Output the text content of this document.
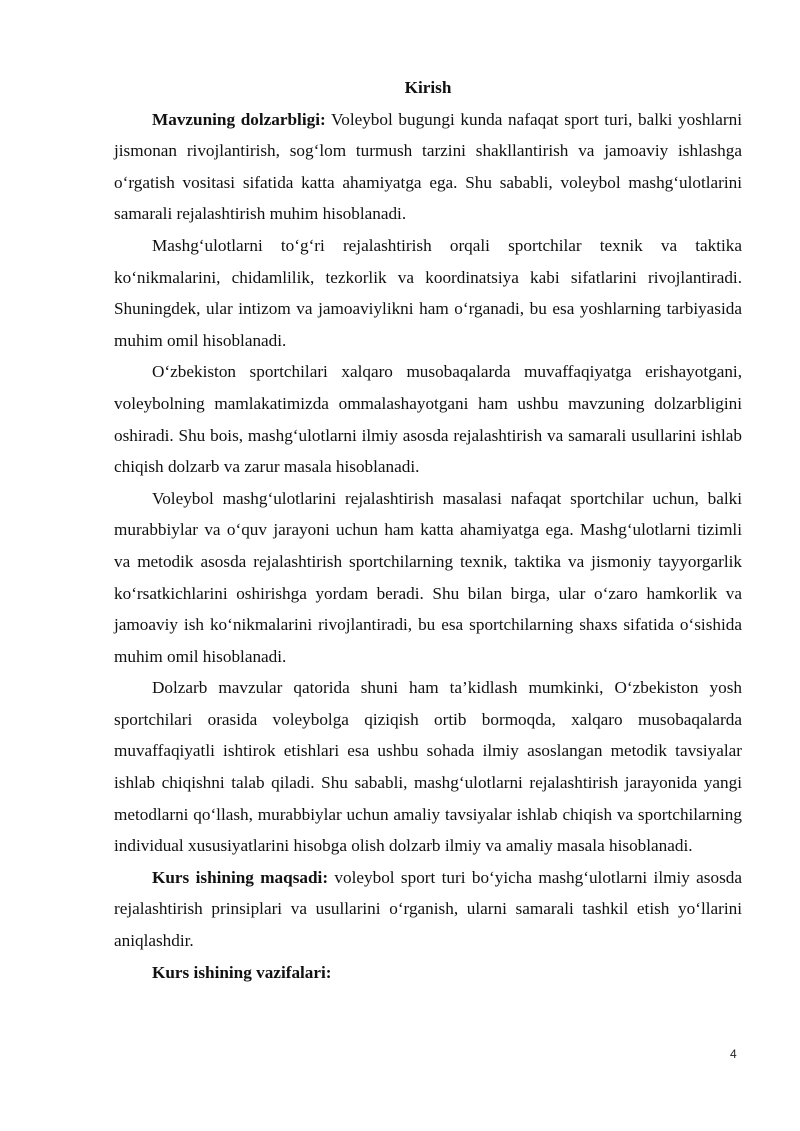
Kirish

Mavzuning dolzarbligi: Voleybol bugungi kunda nafaqat sport turi, balki yoshlarni jismonan rivojlantirish, sog‘lom turmush tarzini shakllantirish va jamoaviy ishlashga o‘rgatish vositasi sifatida katta ahamiyatga ega. Shu sababli, voleybol mashg‘ulotlarini samarali rejalashtirish muhim hisoblanadi.

Mashg‘ulotlarni to‘g‘ri rejalashtirish orqali sportchilar texnik va taktika ko‘nikmalarini, chidamlilik, tezkorlik va koordinatsiya kabi sifatlarini rivojlantiradi. Shuningdek, ular intizom va jamoaviylikni ham o‘rganadi, bu esa yoshlarning tarbiyasida muhim omil hisoblanadi.

O‘zbekiston sportchilari xalqaro musobaqalarda muvaffaqiyatga erishayotgani, voleybolning mamlakatimizda ommalashayotgani ham ushbu mavzuning dolzarbligini oshiradi. Shu bois, mashg‘ulotlarni ilmiy asosda rejalashtirish va samarali usullarini ishlab chiqish dolzarb va zarur masala hisoblanadi.

Voleybol mashg‘ulotlarini rejalashtirish masalasi nafaqat sportchilar uchun, balki murabbiylar va o‘quv jarayoni uchun ham katta ahamiyatga ega. Mashg‘ulotlarni tizimli va metodik asosda rejalashtirish sportchilarning texnik, taktika va jismoniy tayyorgarlik ko‘rsatkichlarini oshirishga yordam beradi. Shu bilan birga, ular o‘zaro hamkorlik va jamoaviy ish ko‘nikmalarini rivojlantiradi, bu esa sportchilarning shaxs sifatida o‘sishida muhim omil hisoblanadi.

Dolzarb mavzular qatorida shuni ham ta’kidlash mumkinki, O‘zbekiston yosh sportchilari orasida voleybolga qiziqish ortib bormoqda, xalqaro musobaqalarda muvaffaqiyatli ishtirok etishlari esa ushbu sohada ilmiy asoslangan metodik tavsiyalar ishlab chiqishni talab qiladi. Shu sababli, mashg‘ulotlarni rejalashtirish jarayonida yangi metodlarni qo‘llash, murabbiylar uchun amaliy tavsiyalar ishlab chiqish va sportchilarning individual xususiyatlarini hisobga olish dolzarb ilmiy va amaliy masala hisoblanadi.

Kurs ishining maqsadi: voleybol sport turi bo‘yicha mashg‘ulotlarni ilmiy asosda rejalashtirish prinsiplari va usullarini o‘rganish, ularni samarali tashkil etish yo‘llarini aniqlashdir.

Kurs ishining vazifalari:

4
